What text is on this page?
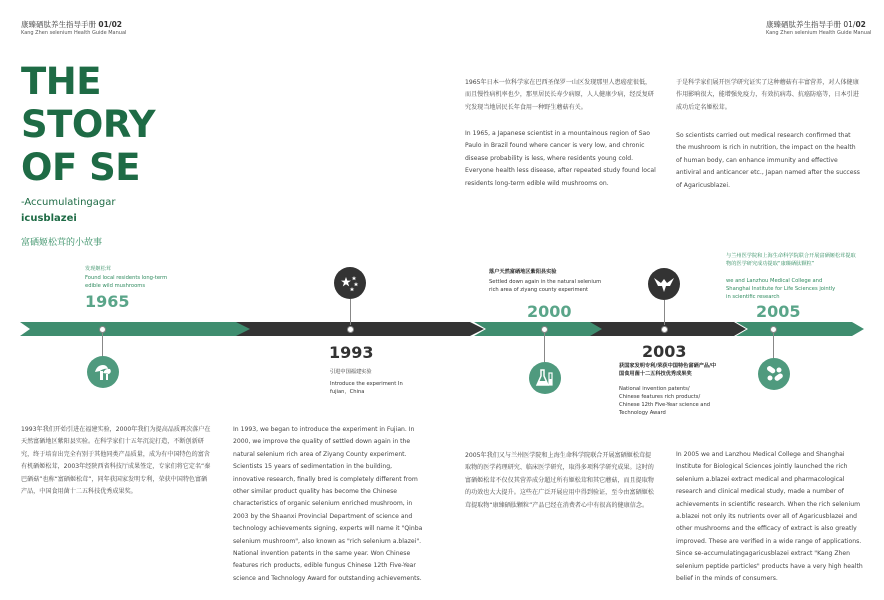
康臻硒肽养生指导手册 01/02
Kang Zhen selenium Health Guide Manual
康臻硒肽养生指导手册 01/02
Kang Zhen selenium Health Guide Manual
THE
STORY
OF SE
-Accumulatingagar
icusblazei
富硒姬松茸的小故事
1965年日本一位科学家在巴西圣保罗一山区发现那里人患癌症很低，而且慢性病机率也少，那里居民长寿少病原，人人健康少病，经反复研究发现当地居民长年食用一种野生蘑菇有关。
In 1965, a Japanese scientist in a mountainous region of Sao Paulo in Brazil found where cancer is very low, and chronic disease probability is less, where residents young cold. Everyone health less disease, after repeated study found local residents long-term edible wild mushrooms on.
于是科学家们展开医学研究证实了这种蘑菇有丰富营养，对人体健康作用影响很大，能增强免疫力，有效抗病毒、抗癌防癌等，日本引进成功后定名姬松茸。
So scientists carried out medical research confirmed that the mushroom is rich in nutrition, the impact on the health of human body, can enhance immunity and effective antiviral and anticancer etc., Japan named after the success of Agaricusblazei.
发现姬松茸
Found local residents long-term edible wild mushrooms
1965
1993
引进中国福建实验
Introduce the experiment In fujian，China
落户天然富硒地区紫阳县实验
Settled down again in the natural selenium rich area of ziyang county experiment
2000
2003
获国家发明专利/荣获中国特色富硒产品/中国食用菌十二五科技优秀成果奖
National invention patents/ Chinese features rich products/ Chinese 12th Five-Year science and Technology Award
与兰州医学院和上海生命科学院联合开展富硒姬松茸提取物的医学研究成功提取“康臻硒肽颗粒”
we and Lanzhou Medical College and Shanghai Institute for Life Sciences jointly in scientific research
2005
1993年我们开始引进在福建实验，2000年我们为提高品质再次落户在天然富硒地区紫阳县实验。在科学家们十五年沉淀打造，不断创新研究，终于培育出完全有别于其他同类产品质量，成为有中国特色的富含有机硒姬松茸，2003年经陕西省科技厅成果签定，专家们将它定名“秦巴硒菇”也称“富硒姬松茸”，同年获国家发明专利，荣获中国特色富硒产品，中国食用菌十二五科技优秀成果奖。
In 1993, we began to introduce the experiment in Fujian. In 2000, we improve the quality of settled down again in the natural selenium rich area of Ziyang County experiment. Scientists 15 years of sedimentation in the building, innovative research, finally bred is completely different from other similar product quality has become the Chinese characteristics of organic selenium enriched mushroom, in 2003 by the Shaanxi Provincial Department of science and technology achievements signing, experts will name it "Qinba selenium mushroom", also known as "rich selenium a.blazei". National invention patents in the same year. Won Chinese features rich products, edible fungus Chinese 12th Five-Year science and Technology Award for outstanding achievements.
2005年我们又与兰州医学院和上海生命科学院联合开展富硒姬松茸提取物的医学药理研究、临床医学研究，取得多项科学研究成果。这时的富硒姬松茸不仅仅其营养成分超过所有姬松茸和其它蘑菇，而且提取物的功效也大大提升。这些在广泛开展应用中得到验证，至今由富硒姬松茸提取物“康臻硒肽颗粒”产品已经在消费者心中有很高的健康信念。
In 2005 we and Lanzhou Medical College and Shanghai Institute for Biological Sciences jointly launched the rich selenium a.blazei extract medical and pharmacological research and clinical medical study, made a number of achievements in scientific research. When the rich selenium a.blazei not only its nutrients over all of Agaricusblazei and other mushrooms and the efficacy of extract is also greatly improved. These are verified in a wide range of applications. Since se-accumulatingagaricusblazei extract "Kang Zhen selenium peptide particles" products have a very high health belief in the minds of consumers.
